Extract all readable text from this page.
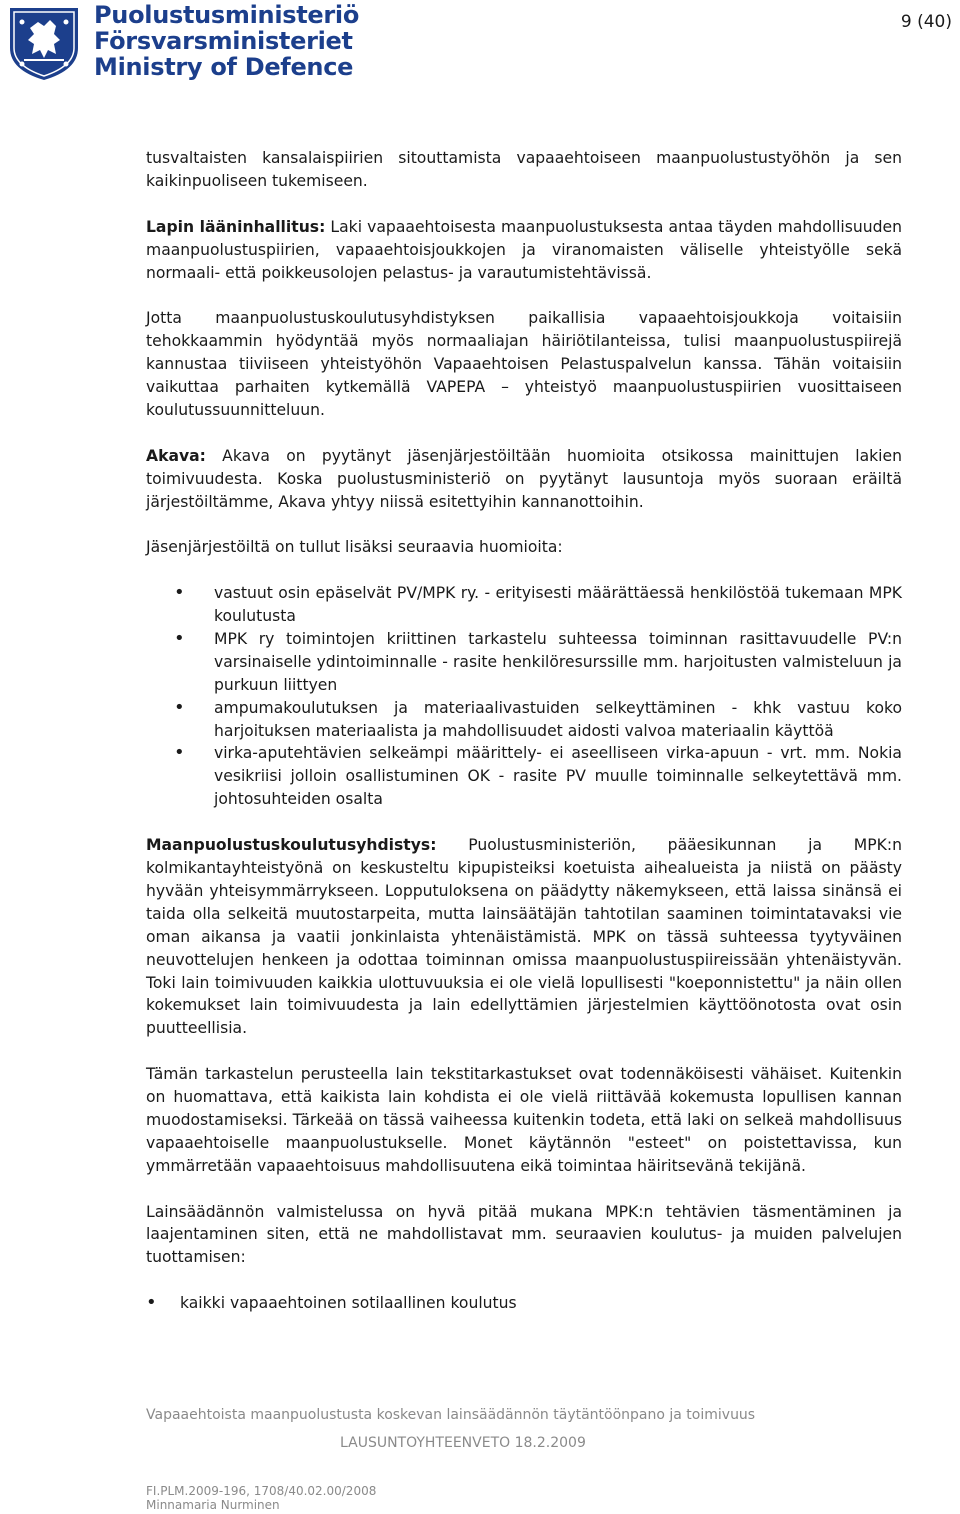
Puolustusministeriö
Försvarsministeriet
Ministry of Defence
9 (40)

tusvaltaisten kansalaispiirien sitouttamista vapaaehtoiseen maanpuolustustyöhön ja sen kaikinpuoliseen tukemiseen.

Lapin lääninhallitus: Laki vapaaehtoisesta maanpuolustuksesta antaa täyden mahdollisuuden maanpuolustuspiirien, vapaaehtoisjoukkojen ja viranomaisten väliselle yhteistyölle sekä normaali- että poikkeusolojen pelastus- ja varautumistehtävissä.

Jotta maanpuolustuskoulutusyhdistyksen paikallisia vapaaehtoisjoukkoja voitaisiin tehokkaammin hyödyntää myös normaaliajan häiriötilanteissa, tulisi maanpuolustuspiirejä kannustaa tiiviiseen yhteistyöhön Vapaaehtoisen Pelastuspalvelun kanssa. Tähän voitaisiin vaikuttaa parhaiten kytkemällä VAPEPA – yhteistyö maanpuolustuspiirien vuosittaiseen koulutussuunnitteluun.

Akava: Akava on pyytänyt jäsenjärjestöiltään huomioita otsikossa mainittujen lakien toimivuudesta. Koska puolustusministeriö on pyytänyt lausuntoja myös suoraan eräiltä järjestöiltämme, Akava yhtyy niissä esitettyihin kannanottoihin.

Jäsenjärjestöiltä on tullut lisäksi seuraavia huomioita:

• vastuut osin epäselvät PV/MPK ry. - erityisesti määrättäessä henkilöstöä tukemaan MPK koulutusta
• MPK ry toimintojen kriittinen tarkastelu suhteessa toiminnan rasittavuudelle PV:n varsinaiselle ydintoiminnalle - rasite henkilöresurssille mm. harjoitusten valmisteluun ja purkuun liittyen
• ampumakoulutuksen ja materiaalivastuiden selkeyttäminen - khk vastuu koko harjoituksen materiaalista ja mahdollisuudet aidosti valvoa materiaalin käyttöä
• virka-aputehtävien selkeämpi määrittely- ei aseelliseen virka-apuun - vrt. mm. Nokia vesikriisi jolloin osallistuminen OK - rasite PV muulle toiminnalle selkeytettävä mm. johtosuhteiden osalta

Maanpuolustuskoulutusyhdistys: Puolustusministeriön, pääesikunnan ja MPK:n kolmikantayhteistyönä on keskusteltu kipupisteiksi koetuista aihealueista ja niistä on päästy hyvään yhteisymmärrykseen. Lopputuloksena on päädytty näkemykseen, että laissa sinänsä ei taida olla selkeitä muutostarpeita, mutta lainsäätäjän tahtotilan saaminen toimintatavaksi vie oman aikansa ja vaatii jonkinlaista yhtenäistämistä. MPK on tässä suhteessa tyytyväinen neuvottelujen henkeen ja odottaa toiminnan omissa maanpuolustuspiireissään yhtenäistyvän. Toki lain toimivuuden kaikkia ulottuvuuksia ei ole vielä lopullisesti "koeponnistettu" ja näin ollen kokemukset lain toimivuudesta ja lain edellyttämien järjestelmien käyttöönotosta ovat osin puutteellisia.

Tämän tarkastelun perusteella lain tekstitarkastukset ovat todennäköisesti vähäiset. Kuitenkin on huomattava, että kaikista lain kohdista ei ole vielä riittävää kokemusta lopullisen kannan muodostamiseksi. Tärkeää on tässä vaiheessa kuitenkin todeta, että laki on selkeä mahdollisuus vapaaehtoiselle maanpuolustukselle. Monet käytännön "esteet" on poistettavissa, kun ymmärretään vapaaehtoisuus mahdollisuutena eikä toimintaa häiritsevänä tekijänä.

Lainsäädännön valmistelussa on hyvä pitää mukana MPK:n tehtävien täsmentäminen ja laajentaminen siten, että ne mahdollistavat mm. seuraavien koulutus- ja muiden palvelujen tuottamisen:

• kaikki vapaaehtoinen sotilaallinen koulutus
Vapaaehtoista maanpuolustusta koskevan lainsäädännön täytäntöönpano ja toimivuus
LAUSUNTOYHTEENVETO 18.2.2009
FI.PLM.2009-196, 1708/40.02.00/2008
Minnamaria Nurminen
